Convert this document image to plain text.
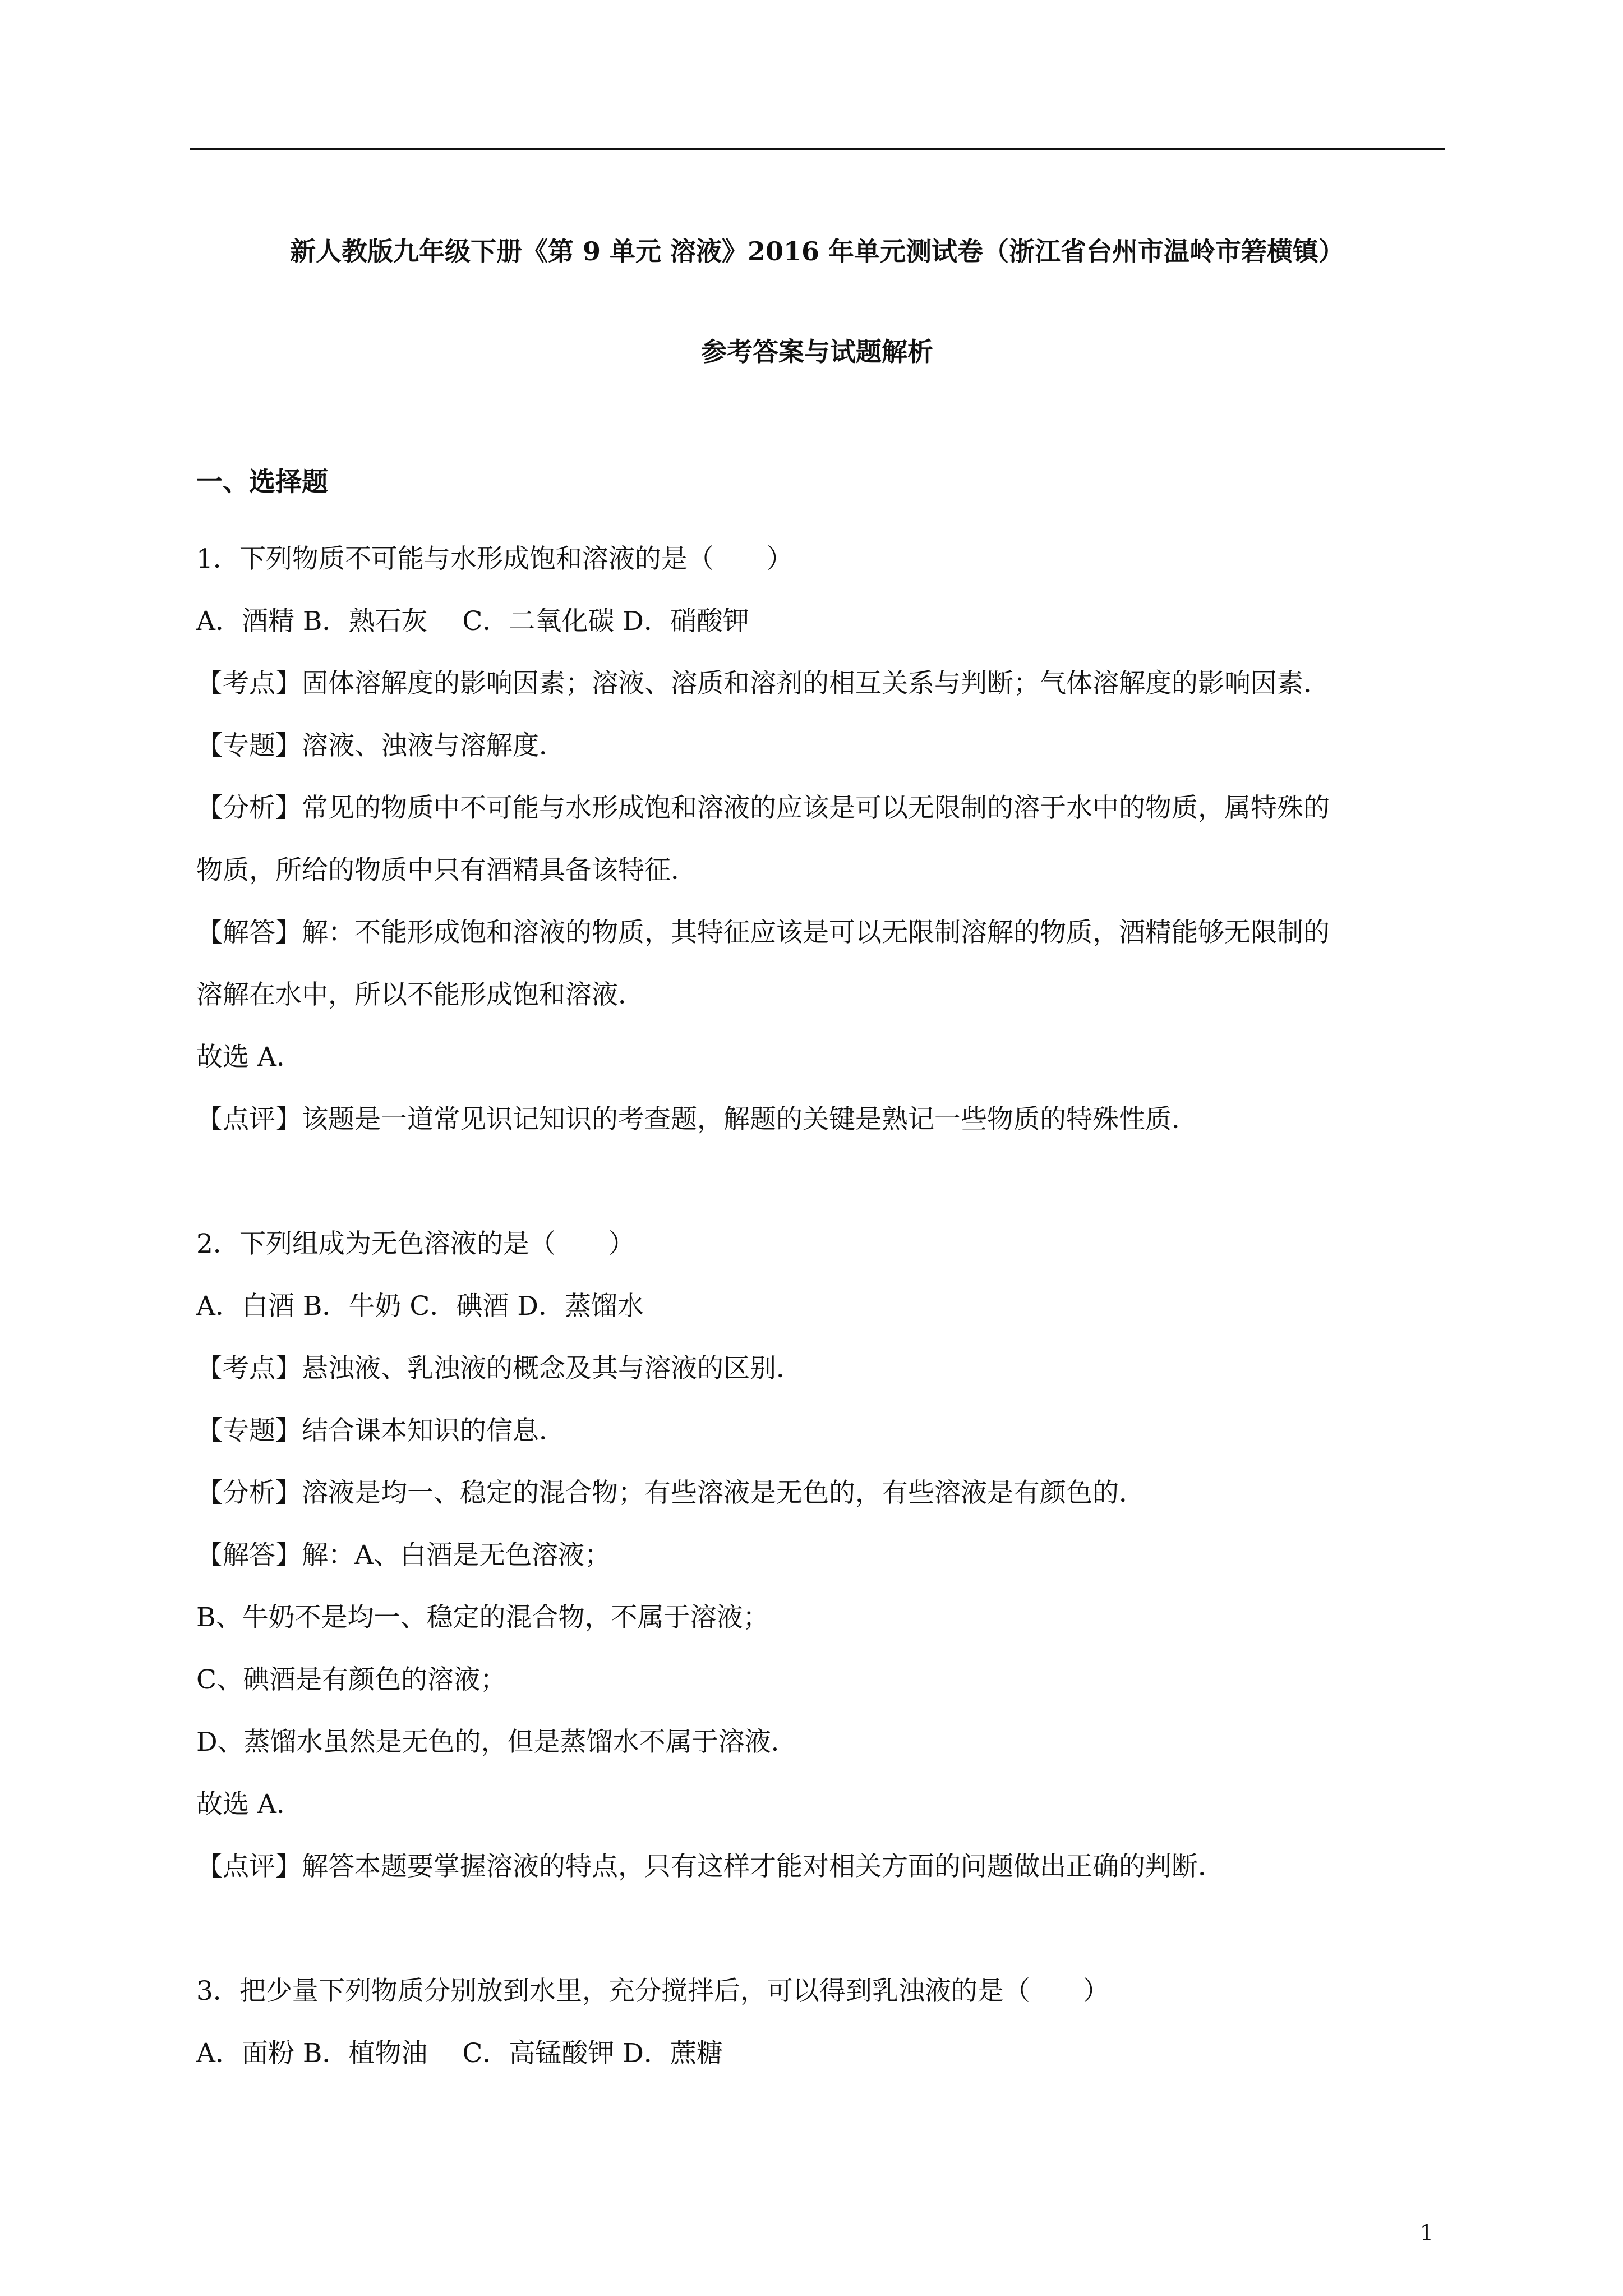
新人教版九年级下册《第 9 单元 溶液》2016 年单元测试卷（浙江省台州市温岭市箬横镇）
参考答案与试题解析
一、选择题
1．下列物质不可能与水形成饱和溶液的是（　　）
A．酒精 B．熟石灰　 C．二氧化碳 D．硝酸钾
【考点】固体溶解度的影响因素；溶液、溶质和溶剂的相互关系与判断；气体溶解度的影响因素．
【专题】溶液、浊液与溶解度．
【分析】常见的物质中不可能与水形成饱和溶液的应该是可以无限制的溶于水中的物质，属特殊的
物质，所给的物质中只有酒精具备该特征．
【解答】解：不能形成饱和溶液的物质，其特征应该是可以无限制溶解的物质，酒精能够无限制的
溶解在水中，所以不能形成饱和溶液．
故选 A．
【点评】该题是一道常见识记知识的考查题，解题的关键是熟记一些物质的特殊性质．
2．下列组成为无色溶液的是（　　）
A．白酒 B．牛奶 C．碘酒 D．蒸馏水
【考点】悬浊液、乳浊液的概念及其与溶液的区别．
【专题】结合课本知识的信息．
【分析】溶液是均一、稳定的混合物；有些溶液是无色的，有些溶液是有颜色的．
【解答】解：A、白酒是无色溶液；
B、牛奶不是均一、稳定的混合物，不属于溶液；
C、碘酒是有颜色的溶液；
D、蒸馏水虽然是无色的，但是蒸馏水不属于溶液．
故选 A．
【点评】解答本题要掌握溶液的特点，只有这样才能对相关方面的问题做出正确的判断．
3．把少量下列物质分别放到水里，充分搅拌后，可以得到乳浊液的是（　　）
A．面粉 B．植物油　 C．高锰酸钾 D．蔗糖
1
